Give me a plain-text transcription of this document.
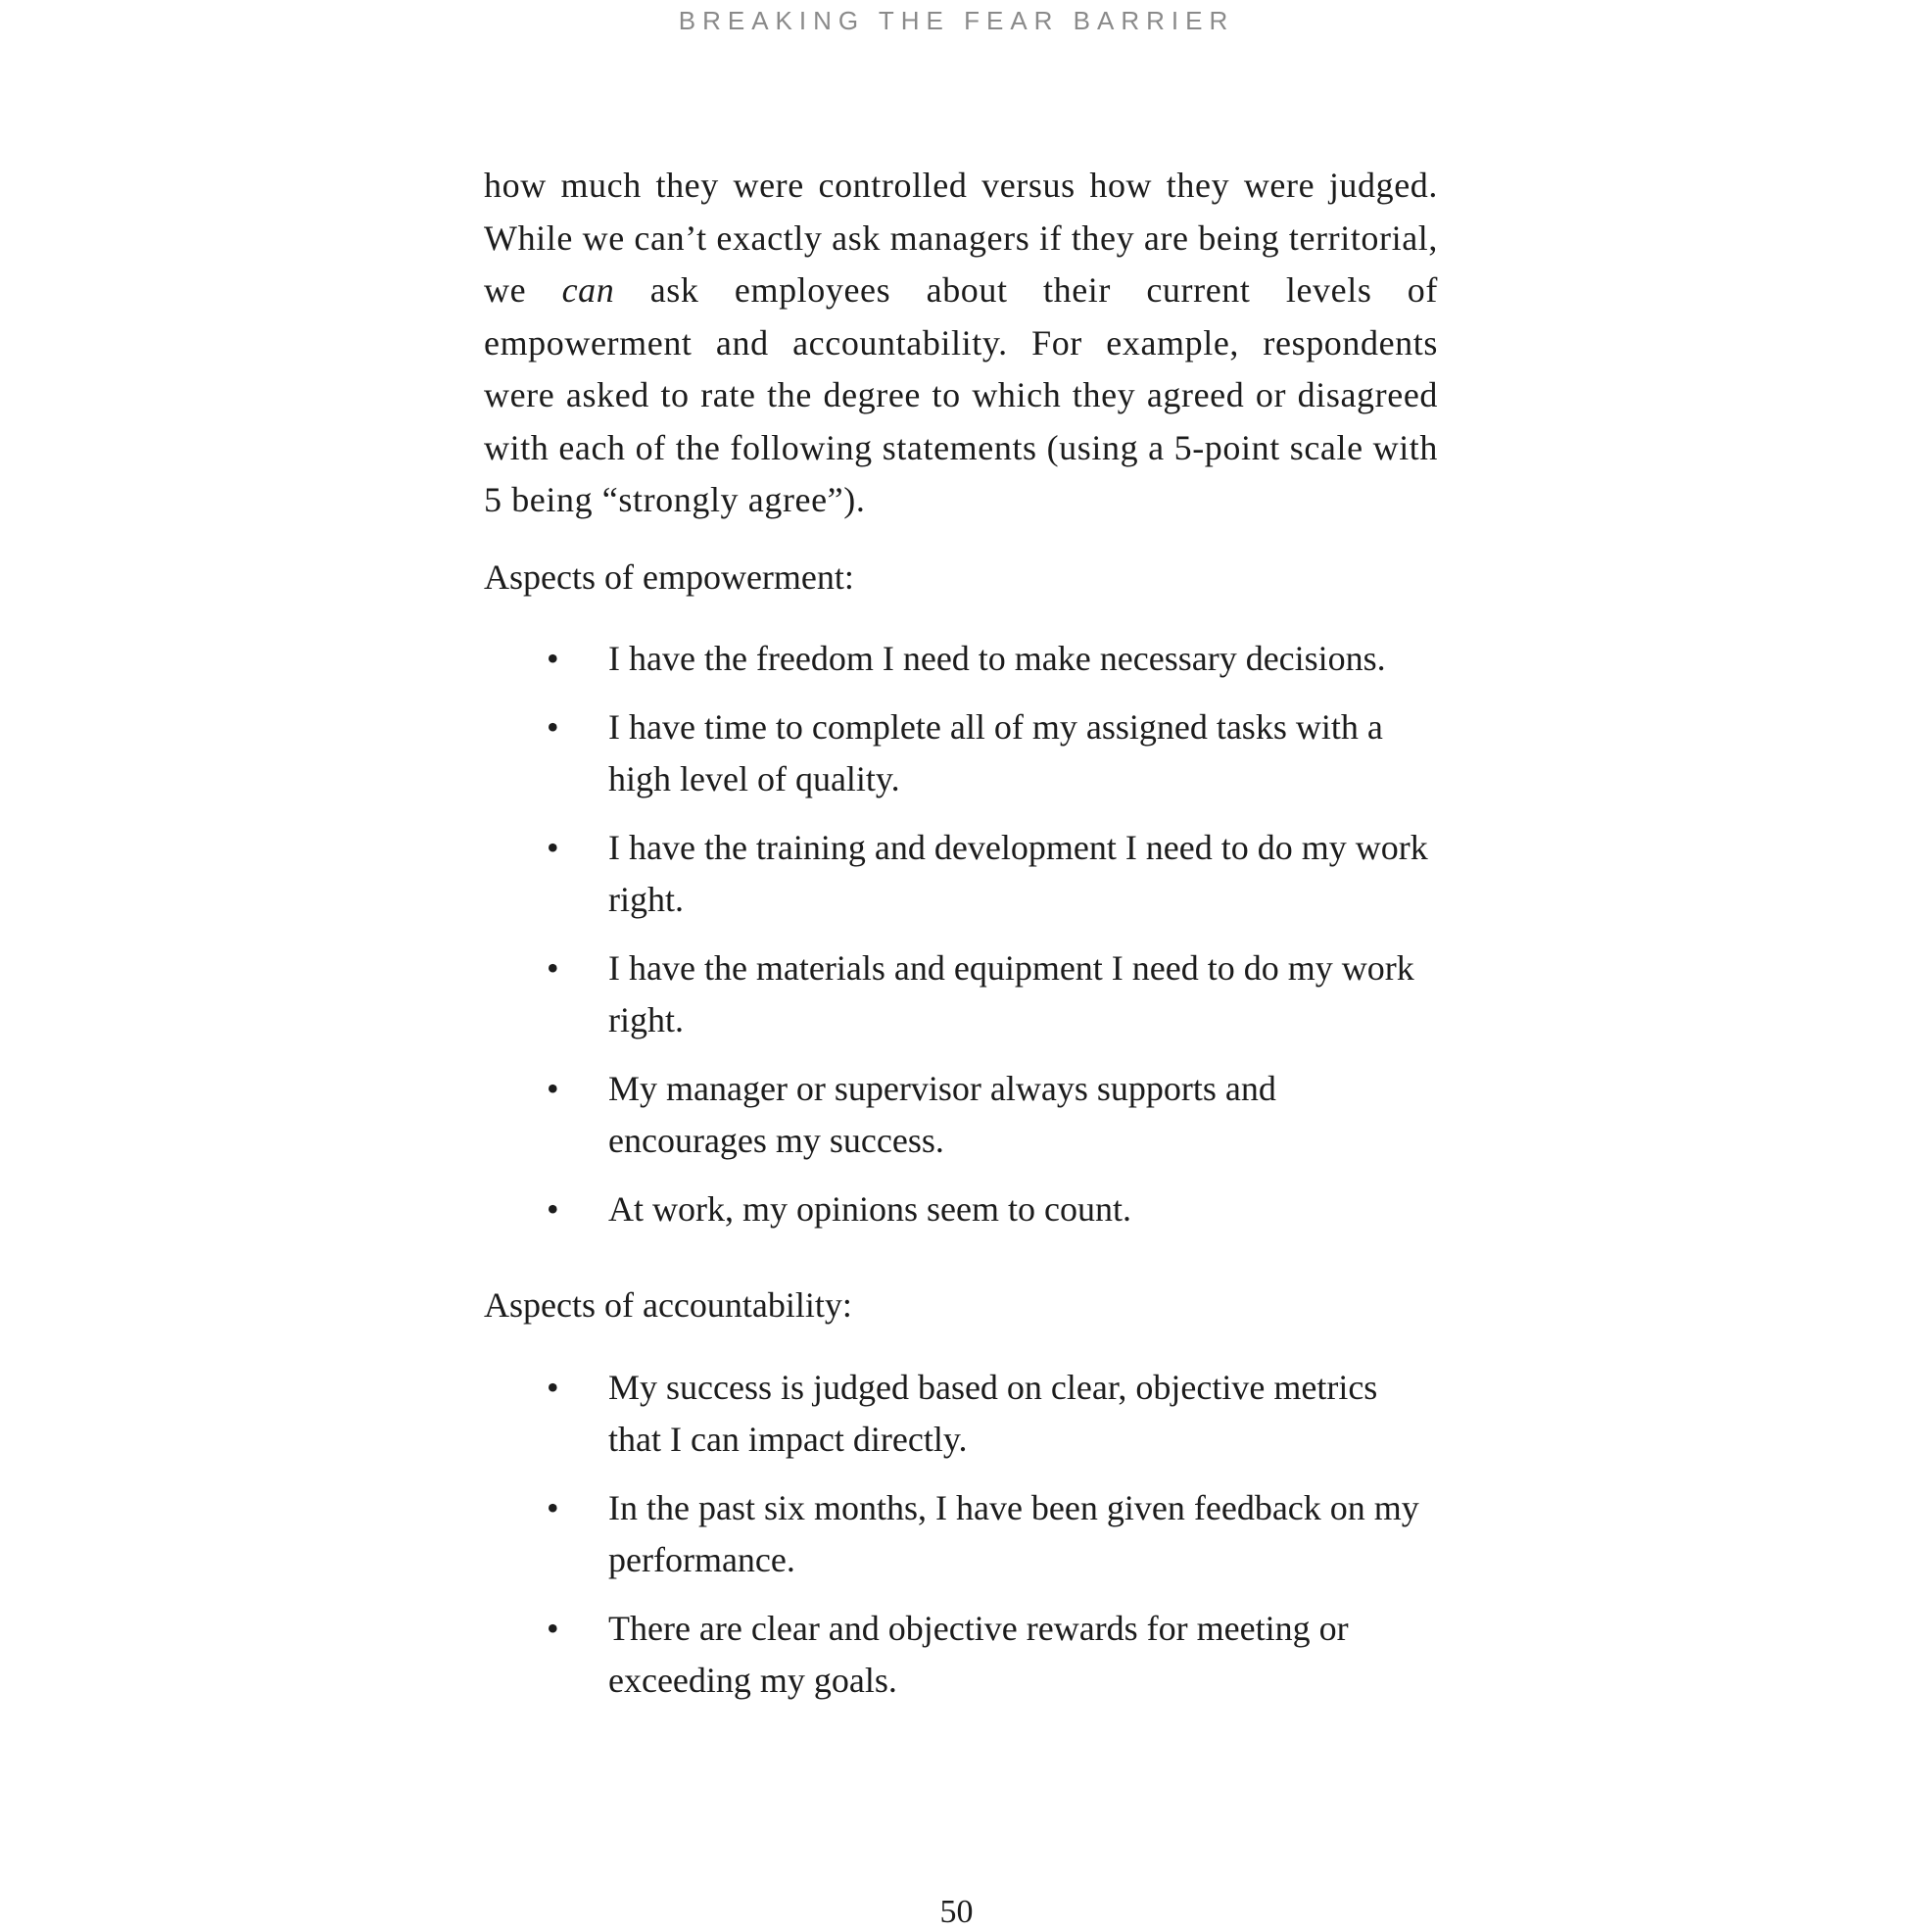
BREAKING THE FEAR BARRIER

how much they were controlled versus how they were judged. While we can’t exactly ask managers if they are being territorial, we can ask employees about their current levels of empowerment and accountability. For example, respondents were asked to rate the degree to which they agreed or disagreed with each of the following statements (using a 5-point scale with 5 being “strongly agree”).

Aspects of empowerment:

• I have the freedom I need to make necessary decisions.
• I have time to complete all of my assigned tasks with a high level of quality.
• I have the training and development I need to do my work right.
• I have the materials and equipment I need to do my work right.
• My manager or supervisor always supports and encourages my success.
• At work, my opinions seem to count.

Aspects of accountability:

• My success is judged based on clear, objective metrics that I can impact directly.
• In the past six months, I have been given feedback on my performance.
• There are clear and objective rewards for meeting or exceeding my goals.
50
